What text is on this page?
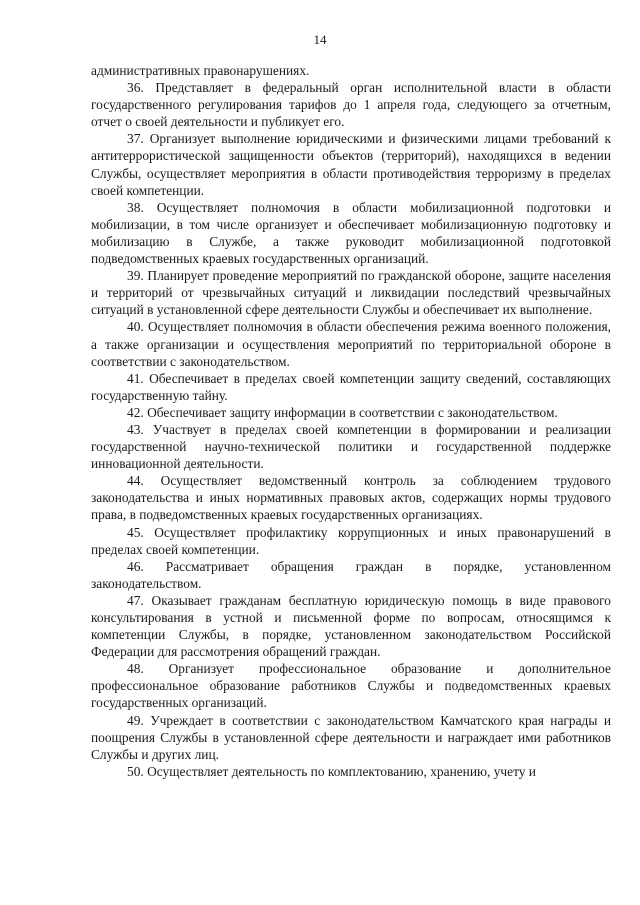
14

административных правонарушениях.

36. Представляет в федеральный орган исполнительной власти в области государственного регулирования тарифов до 1 апреля года, следующего за отчетным, отчет о своей деятельности и публикует его.

37. Организует выполнение юридическими и физическими лицами требований к антитеррористической защищенности объектов (территорий), находящихся в ведении Службы, осуществляет мероприятия в области противодействия терроризму в пределах своей компетенции.

38. Осуществляет полномочия в области мобилизационной подготовки и мобилизации, в том числе организует и обеспечивает мобилизационную подготовку и мобилизацию в Службе, а также руководит мобилизационной подготовкой подведомственных краевых государственных организаций.

39. Планирует проведение мероприятий по гражданской обороне, защите населения и территорий от чрезвычайных ситуаций и ликвидации последствий чрезвычайных ситуаций в установленной сфере деятельности Службы и обеспечивает их выполнение.

40. Осуществляет полномочия в области обеспечения режима военного положения, а также организации и осуществления мероприятий по территориальной обороне в соответствии с законодательством.

41. Обеспечивает в пределах своей компетенции защиту сведений, составляющих государственную тайну.

42. Обеспечивает защиту информации в соответствии с законодательством.

43. Участвует в пределах своей компетенции в формировании и реализации государственной научно-технической политики и государственной поддержке инновационной деятельности.

44. Осуществляет ведомственный контроль за соблюдением трудового законодательства и иных нормативных правовых актов, содержащих нормы трудового права, в подведомственных краевых государственных организациях.

45. Осуществляет профилактику коррупционных и иных правонарушений в пределах своей компетенции.

46. Рассматривает обращения граждан в порядке, установленном законодательством.

47. Оказывает гражданам бесплатную юридическую помощь в виде правового консультирования в устной и письменной форме по вопросам, относящимся к компетенции Службы, в порядке, установленном законодательством Российской Федерации для рассмотрения обращений граждан.

48. Организует профессиональное образование и дополнительное профессиональное образование работников Службы и подведомственных краевых государственных организаций.

49. Учреждает в соответствии с законодательством Камчатского края награды и поощрения Службы в установленной сфере деятельности и награждает ими работников Службы и других лиц.

50. Осуществляет деятельность по комплектованию, хранению, учету и
